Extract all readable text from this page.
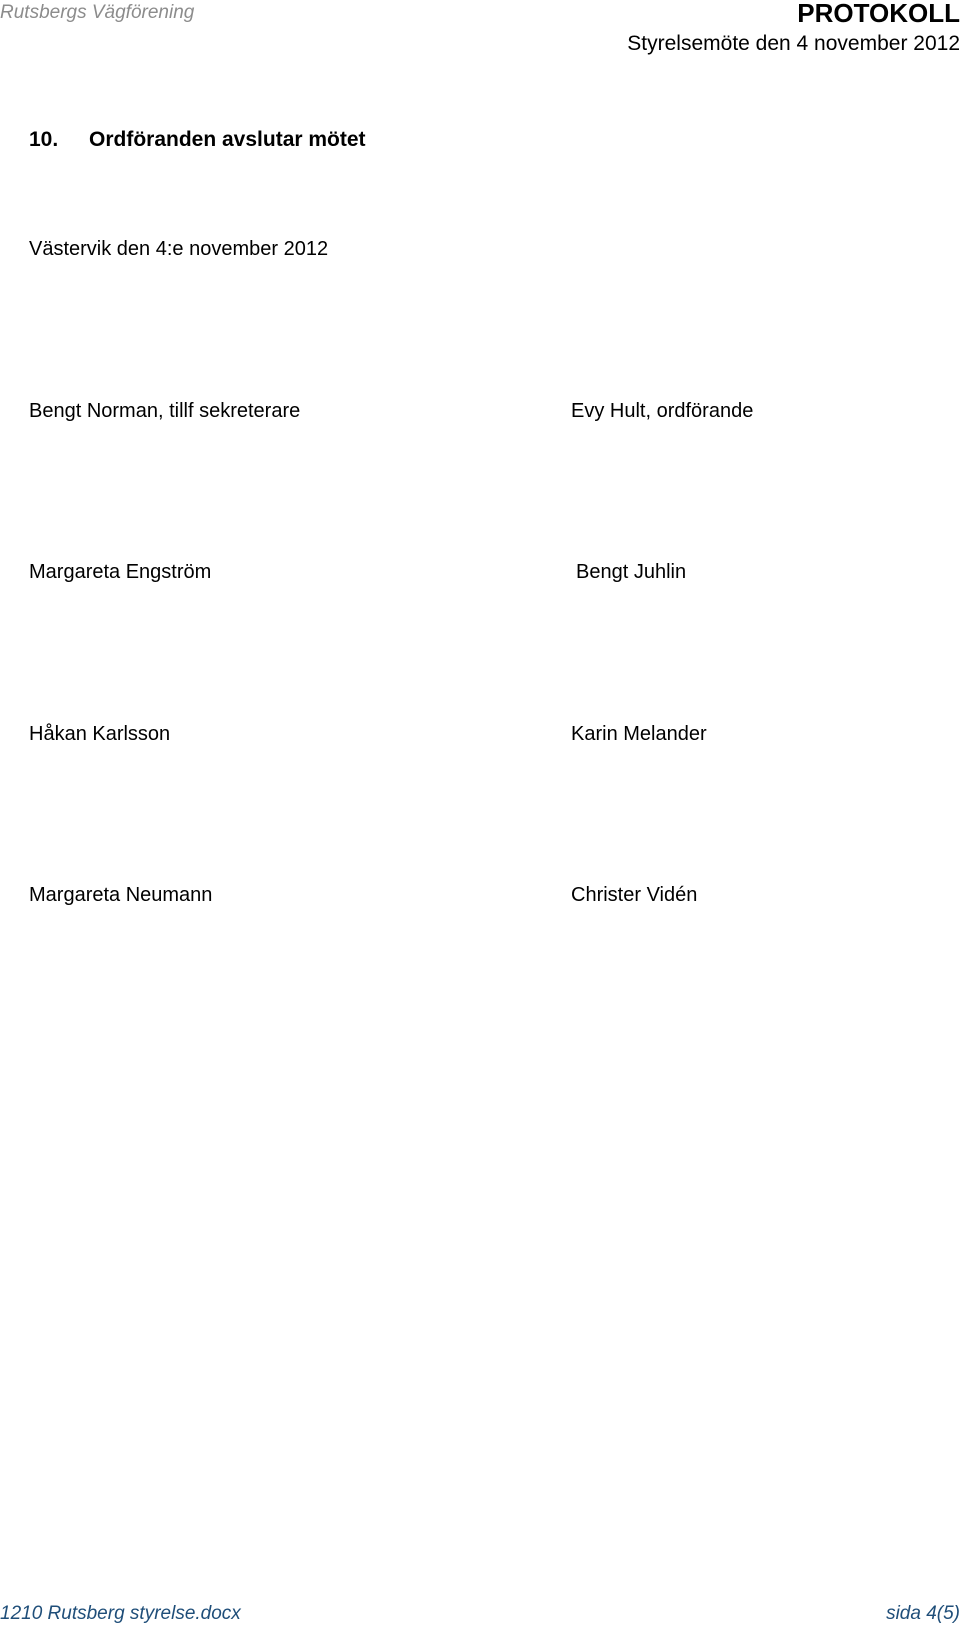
Rutsbergs Vägförening	PROTOKOLL
Styrelsemöte den 4 november 2012
10. Ordföranden avslutar mötet
Västervik den 4:e november 2012
Bengt Norman, tillf sekreterare	Evy Hult, ordförande
Margareta Engström	Bengt Juhlin
Håkan Karlsson	Karin Melander
Margareta Neumann	Christer Vidén
1210 Rutsberg styrelse.docx	sida 4(5)
